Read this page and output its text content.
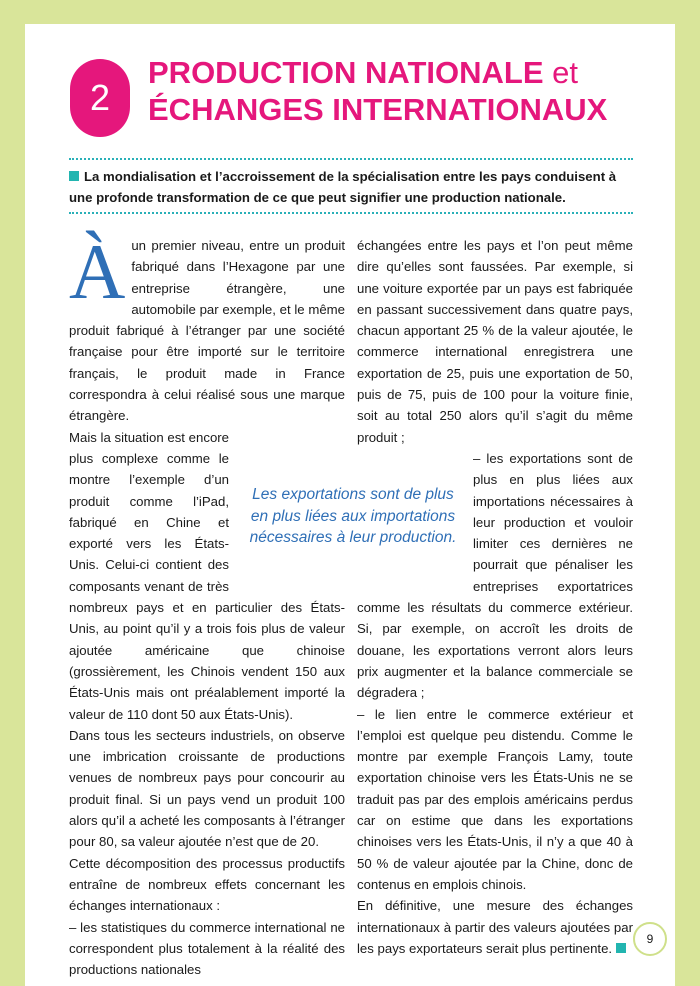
2
PRODUCTION NATIONALE et
ÉCHANGES INTERNATIONAUX
La mondialisation et l’accroissement de la spécialisation entre les pays conduisent à une profonde transformation de ce que peut signifier une production nationale.
À un premier niveau, entre un produit fabriqué dans l’Hexagone par une entreprise étrangère, une automobile par exemple, et le même produit fabriqué à l’étranger par une société française pour être importé sur le territoire français, le produit made in France correspondra à celui réalisé sous une marque étrangère.

Mais la situation est encore plus complexe comme le montre l’exemple d’un produit comme l’iPad, fabriqué en Chine et exporté vers les États-Unis. Celui-ci contient des composants venant de très nombreux pays et en particulier des États-Unis, au point qu’il y a trois fois plus de valeur ajoutée américaine que chinoise (grossièrement, les Chinois vendent 150 aux États-Unis mais ont préalablement importé la valeur de 110 dont 50 aux États-Unis).

Dans tous les secteurs industriels, on observe une imbrication croissante de productions venues de nombreux pays pour concourir au produit final. Si un pays vend un produit 100 alors qu’il a acheté les composants à l’étranger pour 80, sa valeur ajoutée n’est que de 20.

Cette décomposition des processus productifs entraîne de nombreux effets concernant les échanges internationaux :

– les statistiques du commerce international ne correspondent plus totalement à la réalité des productions nationales

échangées entre les pays et l’on peut même dire qu’elles sont faussées. Par exemple, si une voiture exportée par un pays est fabriquée en passant successivement dans quatre pays, chacun apportant 25 % de la valeur ajoutée, le commerce international enregistrera une exportation de 25, puis une exportation de 50, puis de 75, puis de 100 pour la voiture finie, soit au total 250 alors qu’il s’agit du même produit ;

– les exportations sont de plus en plus liées aux importations nécessaires à leur production et vouloir limiter ces dernières ne pourrait que pénaliser les entreprises exportatrices comme les résultats du commerce extérieur. Si, par exemple, on accroît les droits de douane, les exportations verront alors leurs prix augmenter et la balance commerciale se dégradera ;

– le lien entre le commerce extérieur et l’emploi est quelque peu distendu. Comme le montre par exemple François Lamy, toute exportation chinoise vers les États-Unis ne se traduit pas par des emplois américains perdus car on estime que dans les exportations chinoises vers les États-Unis, il n’y a que 40 à 50 % de valeur ajoutée par la Chine, donc de contenus en emplois chinois.

En définitive, une mesure des échanges internationaux à partir des valeurs ajoutées par les pays exportateurs serait plus pertinente.

Les exportations sont de plus en plus liées aux importations nécessaires à leur production.
9
